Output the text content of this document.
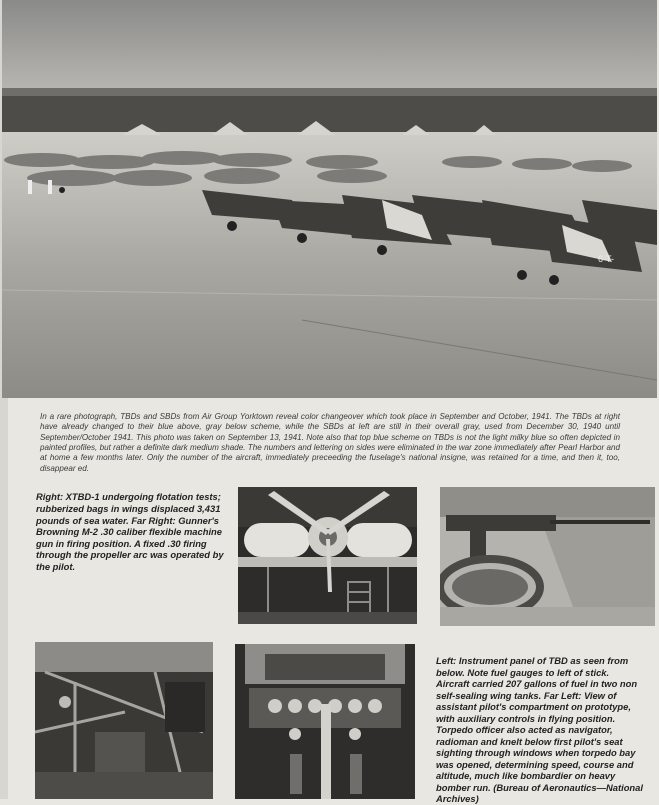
6-T-

In a rare photograph, TBDs and SBDs from Air Group Yorktown reveal color changeover which took place in September and October, 1941. The TBDs at right have already changed to their blue above, gray below scheme, while the SBDs at left are still in their overall gray, used from December 30, 1940 until September/October 1941. This photo was taken on September 13, 1941. Note also that top blue scheme on TBDs is not the light milky blue so often depicted in painted profiles, but rather a definite dark medium shade. The numbers and lettering on sides were eliminated in the war zone immediately after Pearl Harbor and at home a few months later. Only the number of the aircraft, immediately preceeding the fuselage's national insigne, was retained for a time, and then it, too, disappear ed.

Right: XTBD-1 undergoing flotation tests; rubberized bags in wings displaced 3,431 pounds of sea water. Far Right: Gunner's Browning M-2 .30 caliber flexible machine gun in firing position. A fixed .30 firing through the propeller arc was operated by the pilot.

Left: Instrument panel of TBD as seen from below. Note fuel gauges to left of stick. Aircraft carried 207 gallons of fuel in two non self-sealing wing tanks. Far Left: View of assistant pilot's compartment on prototype, with auxiliary controls in flying position. Torpedo officer also acted as navigator, radioman and knelt below first pilot's seat sighting through windows when torpedo bay was opened, determining speed, course and altitude, much like bombardier on heavy bomber run. (Bureau of Aeronautics—National Archives)
